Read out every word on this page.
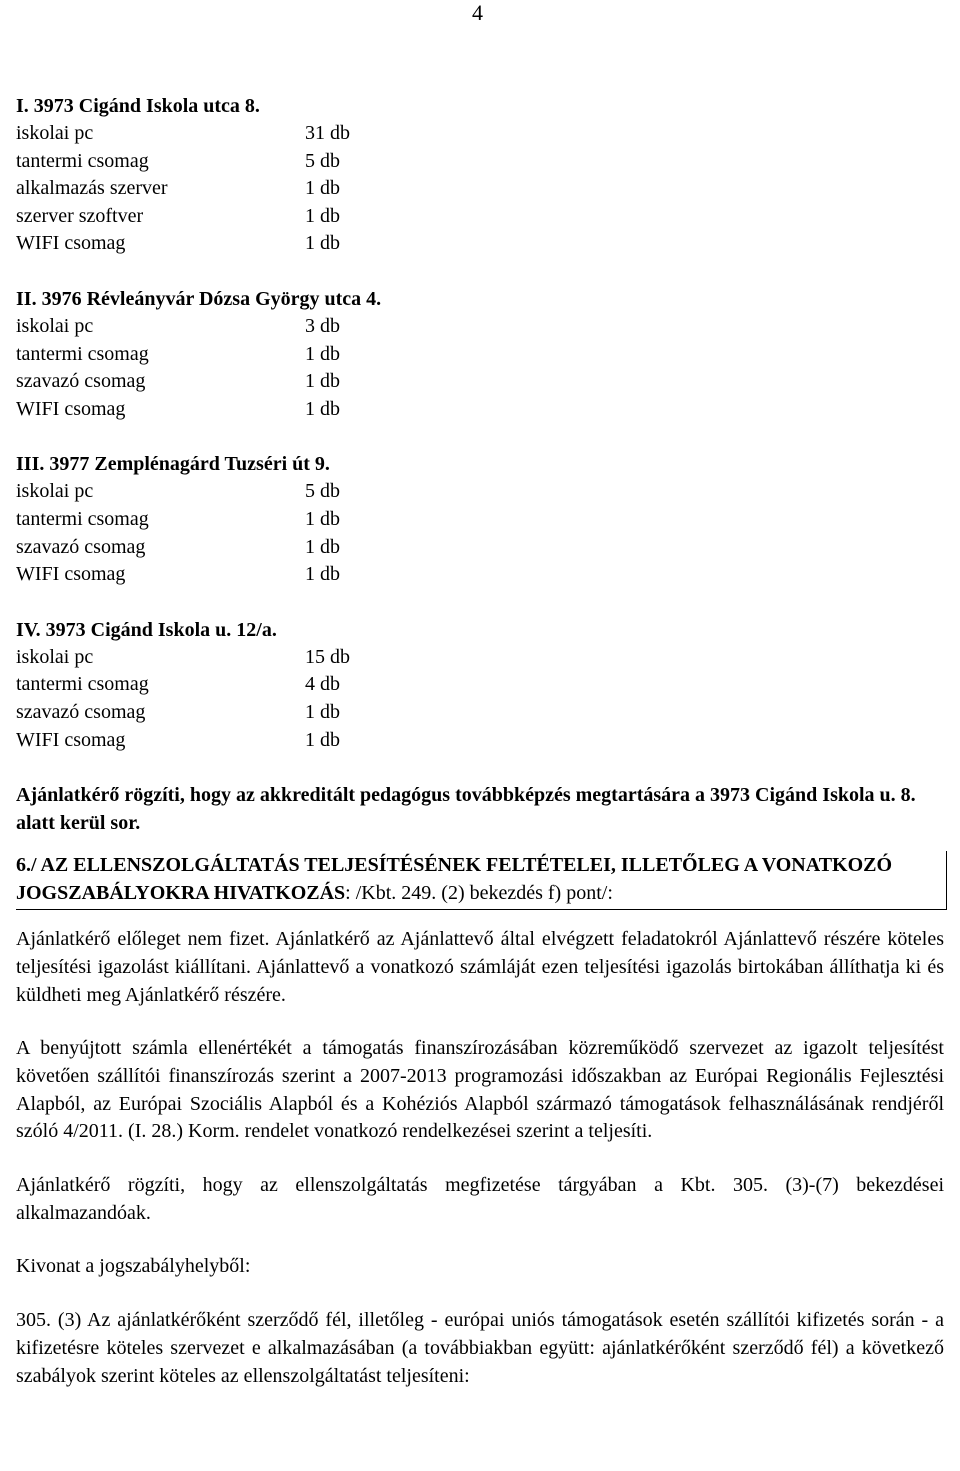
4
I. 3973 Cigánd Iskola utca 8.
iskolai pc	31 db
tantermi csomag	5 db
alkalmazás szerver	1 db
szerver szoftver	1 db
WIFI csomag	1 db
II. 3976 Révleányvár Dózsa György utca 4.
iskolai pc	3 db
tantermi csomag	1 db
szavazó csomag	1 db
WIFI csomag	1 db
III. 3977 Zemplénagárd Tuzséri út 9.
iskolai pc	5 db
tantermi csomag	1 db
szavazó csomag	1 db
WIFI csomag	1 db
IV. 3973 Cigánd Iskola u. 12/a.
iskolai pc	15 db
tantermi csomag	4 db
szavazó csomag	1 db
WIFI csomag	1 db
Ajánlatkérő rögzíti, hogy az akkreditált pedagógus továbbképzés megtartására a 3973 Cigánd Iskola u. 8. alatt kerül sor.
6./ AZ ELLENSZOLGÁLTATÁS TELJESÍTÉSÉNEK FELTÉTELEI, ILLETŐLEG A VONATKOZÓ JOGSZABÁLYOKRA HIVATKOZÁS: /Kbt. 249. (2) bekezdés f) pont/:
Ajánlatkérő előleget nem fizet. Ajánlatkérő az Ajánlattevő által elvégzett feladatokról Ajánlattevő részére köteles teljesítési igazolást kiállítani. Ajánlattevő a vonatkozó számláját ezen teljesítési igazolás birtokában állíthatja ki és küldheti meg Ajánlatkérő részére.
A benyújtott számla ellenértékét a támogatás finanszírozásában közreműködő szervezet az igazolt teljesítést követően szállítói finanszírozás szerint a 2007-2013 programozási időszakban az Európai Regionális Fejlesztési Alapból, az Európai Szociális Alapból és a Kohéziós Alapból származó támogatások felhasználásának rendjéről szóló 4/2011. (I. 28.) Korm. rendelet vonatkozó rendelkezései szerint a teljesíti.
Ajánlatkérő rögzíti, hogy az ellenszolgáltatás megfizetése tárgyában a Kbt. 305. (3)-(7) bekezdései alkalmazandóak.
Kivonat a jogszabályhelyből:
305. (3) Az ajánlatkérőként szerződő fél, illetőleg - európai uniós támogatások esetén szállítói kifizetés során - a kifizetésre köteles szervezet e alkalmazásában (a továbbiakban együtt: ajánlatkérőként szerződő fél) a következő szabályok szerint köteles az ellenszolgáltatást teljesíteni:
